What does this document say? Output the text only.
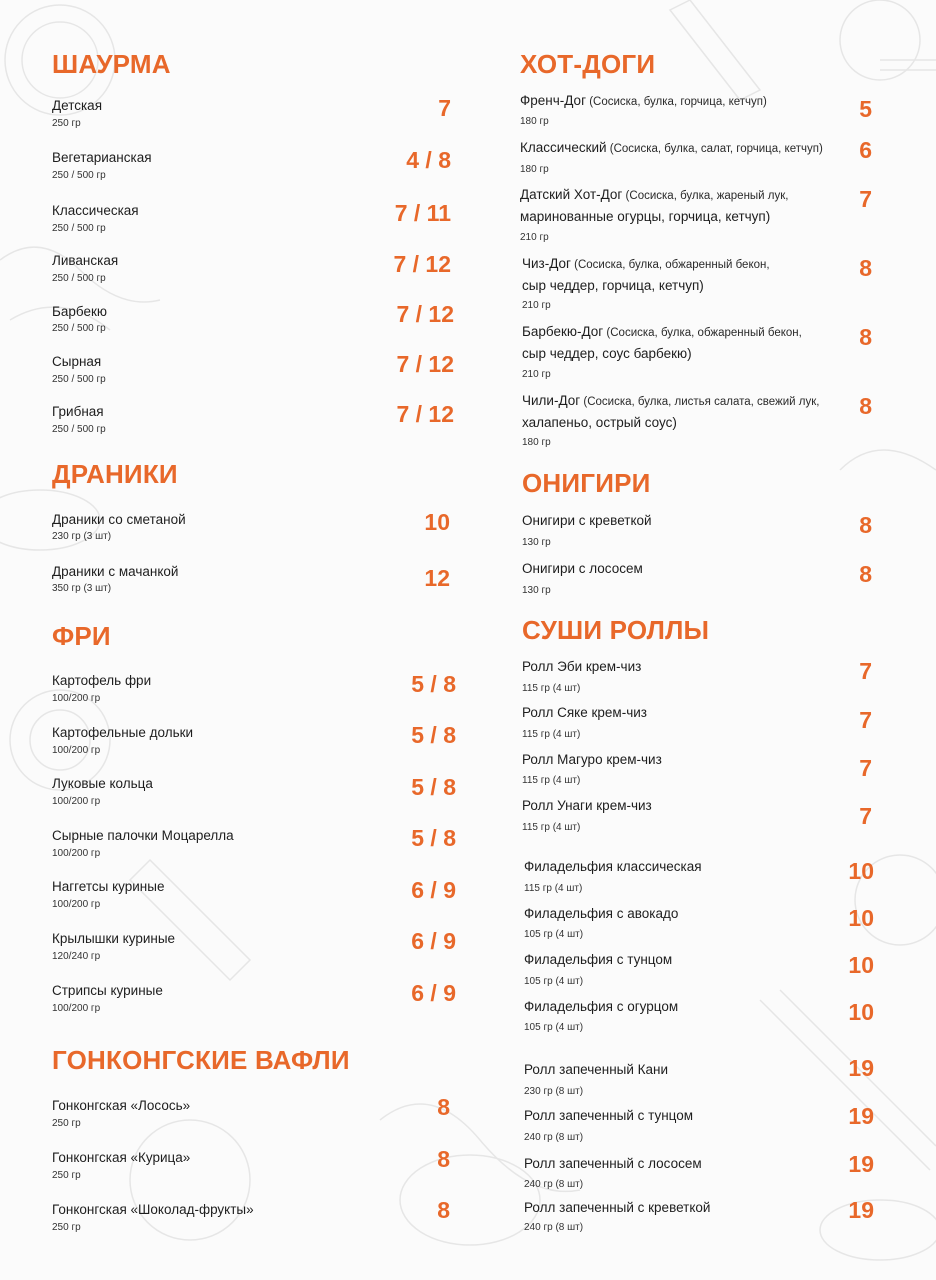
ШАУРМА
Детская
250 гр
7
Вегетарианская
250 / 500 гр
4 / 8
Классическая
250 / 500 гр
7 / 11
Ливанская
250 / 500 гр
7 / 12
Барбекю
250 / 500 гр
7 / 12
Сырная
250 / 500 гр
7 / 12
Грибная
250 / 500 гр
7 / 12
ДРАНИКИ
Драники со сметаной
230 гр (3 шт)
10
Драники с мачанкой
350 гр (3 шт)	12
ФРИ
Картофель фри
100/200 гр
5 / 8
Картофельные дольки
100/200 гр
5 / 8
Луковые кольца
100/200 гр
5 / 8
Сырные палочки Моцарелла
100/200 гр
5 / 8
Наггетсы куриные
100/200 гр
6 / 9
Крылышки куриные
120/240 гр
6 / 9
Стрипсы куриные
100/200 гр
6 / 9
ГОНКОНГСКИЕ ВАФЛИ
Гонконгская «Лосось»
250 гр
8
Гонконгская «Курица»
250 гр
8
Гонконгская «Шоколад-фрукты»
250 гр
8
ХОТ-ДОГИ
Френч-Дог (Сосиска, булка, горчица, кетчуп)
180 гр	5
Классический (Сосиска, булка, салат, горчица, кетчуп)
180 гр
6
Датский Хот-Дог (Сосиска, булка, жареный лук,
маринованные огурцы, горчица, кетчуп)
210 гр
7
Чиз-Дог (Сосиска, булка, обжаренный бекон,
сыр чеддер, горчица, кетчуп)
210 гр
8
Барбекю-Дог (Сосиска, булка, обжаренный бекон,
сыр чеддер, соус барбекю)
210 гр
8
Чили-Дог (Сосиска, булка, листья салата, свежий лук,
халапеньо, острый соус)
180 гр
8
ОНИГИРИ
Онигири с креветкой
130 гр
8
Онигири с лососем
130 гр
8
СУШИ РОЛЛЫ
Ролл Эби крем-чиз
115 гр (4 шт)
7
Ролл Сяке крем-чиз
115 гр (4 шт)
7
Ролл Магуро крем-чиз
115 гр (4 шт)	7
Ролл Унаги крем-чиз
115 гр (4 шт)	7
Филадельфия классическая
115 гр (4 шт)
10
Филадельфия с авокадо
105 гр (4 шт)
10
Филадельфия с тунцом
105 гр (4 шт)
10
Филадельфия с огурцом
105 гр (4 шт)
10
Ролл запеченный Кани
230 гр (8 шт)
19
Ролл запеченный с тунцом
240 гр (8 шт)
19
Ролл запеченный с лососем
240 гр (8 шт)
19
Ролл запеченный с креветкой
240 гр (8 шт)
19
